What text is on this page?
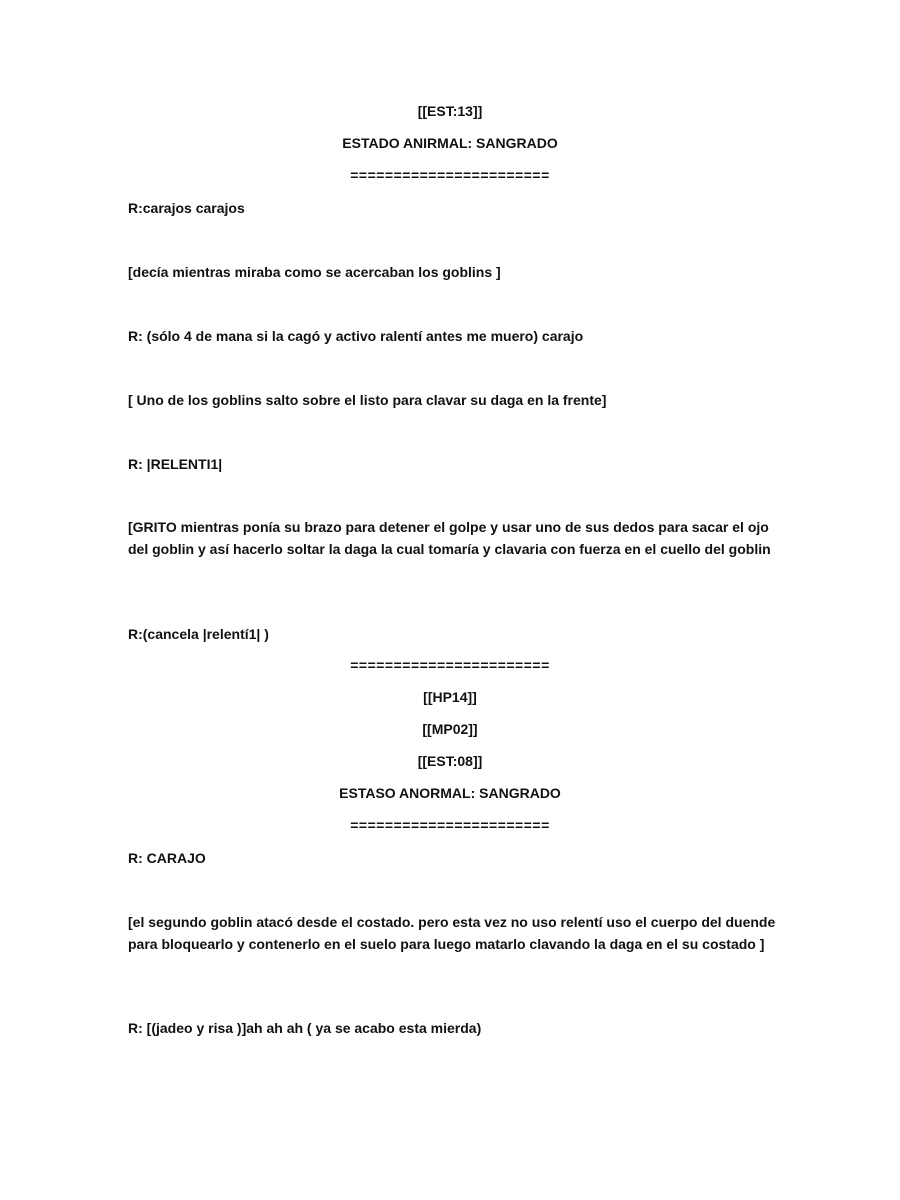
[[EST:13]]
ESTADO ANIRMAL: SANGRADO
=======================
R:carajos carajos
[decía mientras miraba como se acercaban los goblins ]
R: (sólo 4 de mana si la cagó y activo ralentí antes me muero) carajo
[ Uno de los goblins salto sobre el listo para clavar su daga en la frente]
R: |RELENTI1|
[GRITO mientras ponía su brazo para detener el golpe y usar uno de sus dedos para sacar el ojo del goblin y así hacerlo soltar la daga la cual tomaría y clavaria con fuerza en el cuello del goblin
R:(cancela |relentí1| )
=======================
[[HP14]]
[[MP02]]
[[EST:08]]
ESTASO ANORMAL: SANGRADO
=======================
R: CARAJO
[el segundo goblin atacó desde el costado. pero esta vez no uso relentí uso el cuerpo del duende para bloquearlo y contenerlo en el suelo para luego matarlo clavando la daga en el su costado ]
R: [(jadeo y risa )]ah ah ah ( ya se acabo esta mierda)
